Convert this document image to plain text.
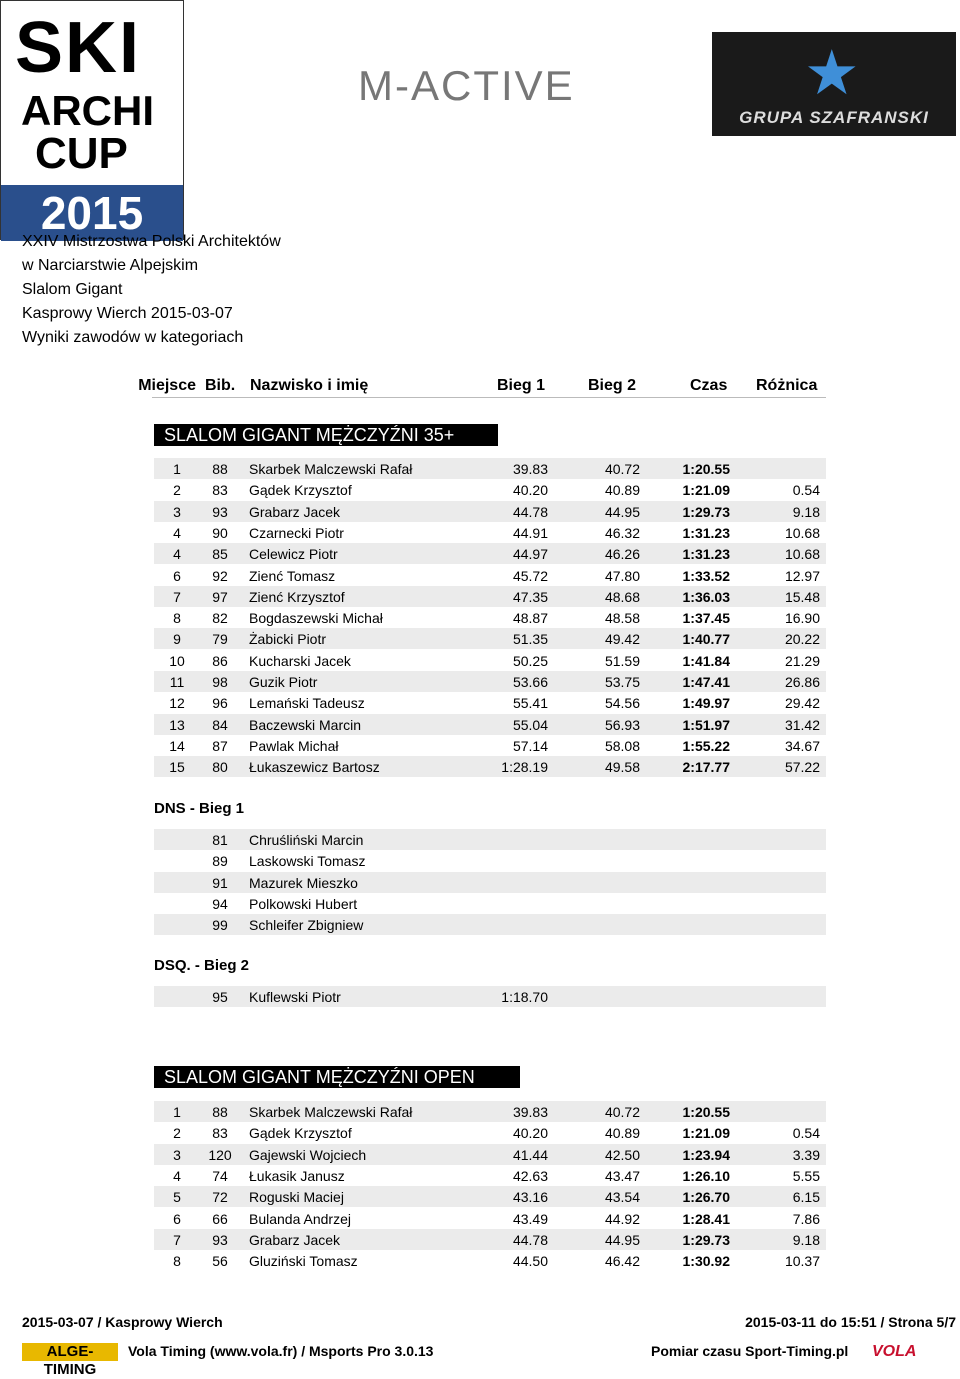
SKI
ARCHI
CUP
2015
M-ACTIVE	★
GRUPA SZAFRANSKI
XXIV Mistrzostwa Polski Architektów
w Narciarstwie Alpejskim
Slalom Gigant
Kasprowy Wierch 2015-03-07
Wyniki zawodów w kategoriach
Miejsce Bib. Nazwisko i imię	Bieg 1	Bieg 2	Czas Różnica
SLALOM GIGANT MĘŻCZYŹNI 35+
1	88	Skarbek Malczewski Rafał	39.83	40.72	1:20.55
2	83	Gądek Krzysztof	40.20	40.89	1:21.09	0.54
3	93	Grabarz Jacek	44.78	44.95	1:29.73	9.18
4	90	Czarnecki Piotr	44.91	46.32	1:31.23	10.68
4	85	Celewicz Piotr	44.97	46.26	1:31.23	10.68
6	92	Zienć Tomasz	45.72	47.80	1:33.52	12.97
7	97	Zienć Krzysztof	47.35	48.68	1:36.03	15.48
8	82	Bogdaszewski Michał	48.87	48.58	1:37.45	16.90
9	79	Żabicki Piotr	51.35	49.42	1:40.77	20.22
10	86	Kucharski Jacek	50.25	51.59	1:41.84	21.29
11	98	Guzik Piotr	53.66	53.75	1:47.41	26.86
12	96	Lemański Tadeusz	55.41	54.56	1:49.97	29.42
13	84	Baczewski Marcin	55.04	56.93	1:51.97	31.42
14	87	Pawlak Michał	57.14	58.08	1:55.22	34.67
15	80	Łukaszewicz Bartosz	1:28.19	49.58	2:17.77	57.22
DNS - Bieg 1
81	Chruśliński Marcin
89	Laskowski Tomasz
91	Mazurek Mieszko
94	Polkowski Hubert
99	Schleifer Zbigniew
DSQ. - Bieg 2
95	Kuflewski Piotr	1:18.70
SLALOM GIGANT MĘŻCZYŹNI OPEN
1	88	Skarbek Malczewski Rafał	39.83	40.72	1:20.55
2	83	Gądek Krzysztof	40.20	40.89	1:21.09	0.54
3	120	Gajewski Wojciech	41.44	42.50	1:23.94	3.39
4	74	Łukasik Janusz	42.63	43.47	1:26.10	5.55
5	72	Roguski Maciej	43.16	43.54	1:26.70	6.15
6	66	Bulanda Andrzej	43.49	44.92	1:28.41	7.86
7	93	Grabarz Jacek	44.78	44.95	1:29.73	9.18
8	56	Gluziński Tomasz	44.50	46.42	1:30.92	10.37
2015-03-07 / Kasprowy Wierch	2015-03-11 do 15:51 / Strona 5/7
ALGE-TIMING
Vola Timing (www.vola.fr) / Msports Pro 3.0.13	Pomiar czasu Sport-Timing.pl VOLA
